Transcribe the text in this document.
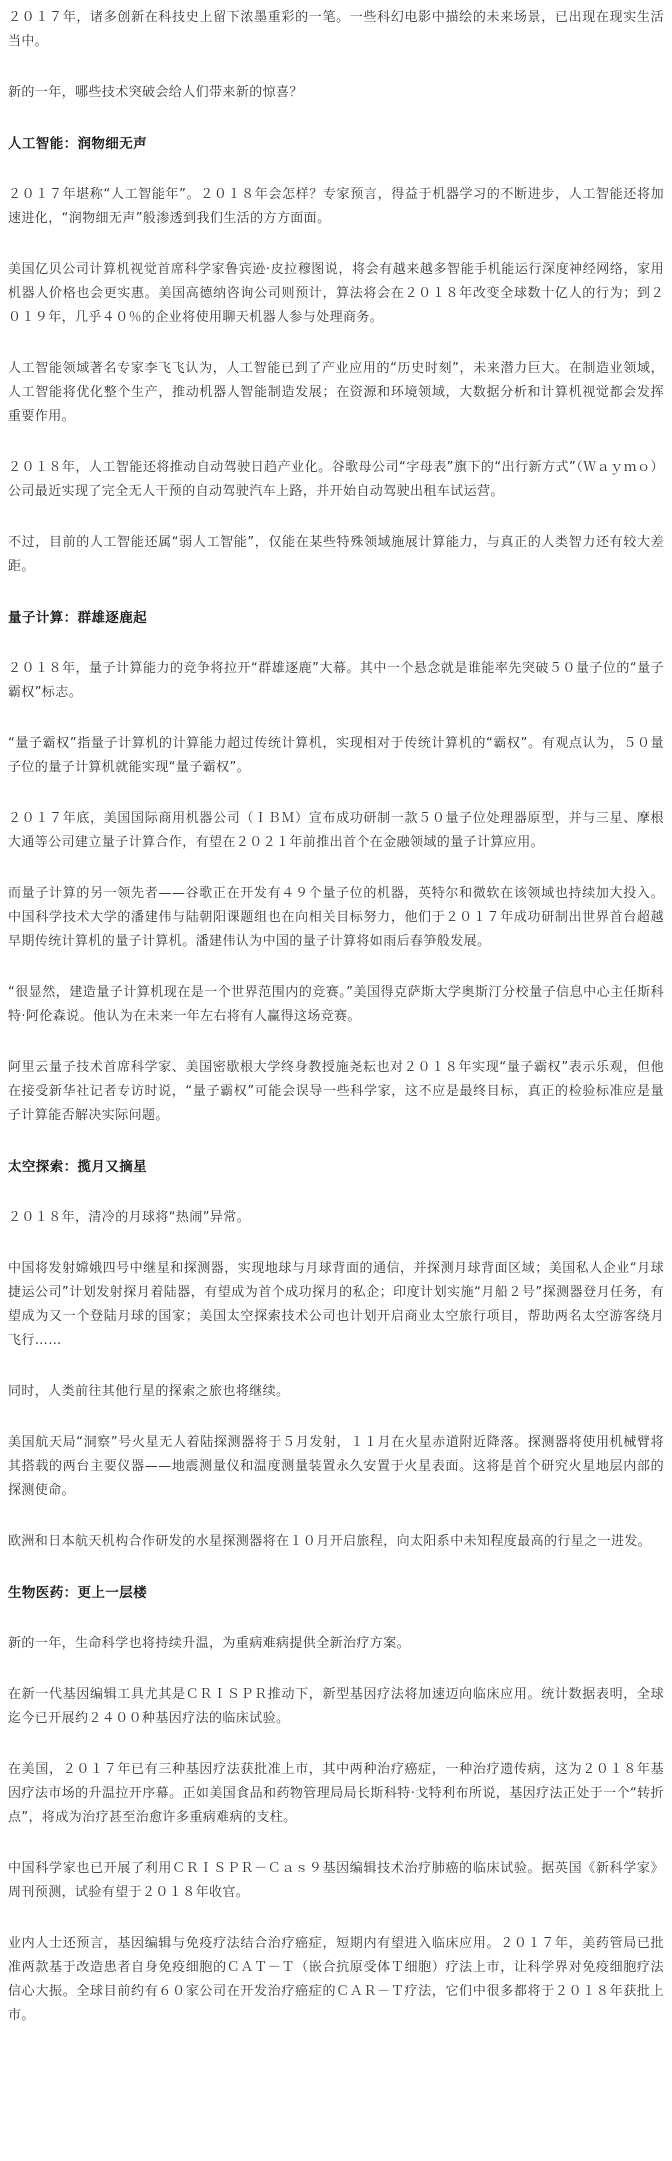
２０１７年，诸多创新在科技史上留下浓墨重彩的一笔。一些科幻电影中描绘的未来场景，已出现在现实生活当中。

新的一年，哪些技术突破会给人们带来新的惊喜？

人工智能：润物细无声

２０１７年堪称“人工智能年”。２０１８年会怎样？专家预言，得益于机器学习的不断进步，人工智能还将加速进化，“润物细无声”般渗透到我们生活的方方面面。

美国亿贝公司计算机视觉首席科学家鲁宾逊·皮拉穆图说，将会有越来越多智能手机能运行深度神经网络，家用机器人价格也会更实惠。美国高德纳咨询公司则预计，算法将会在２０１８年改变全球数十亿人的行为；到２０１９年，几乎４０％的企业将使用聊天机器人参与处理商务。

人工智能领域著名专家李飞飞认为，人工智能已到了产业应用的“历史时刻”，未来潜力巨大。在制造业领域，人工智能将优化整个生产，推动机器人智能制造发展；在资源和环境领域，大数据分析和计算机视觉都会发挥重要作用。

２０１８年，人工智能还将推动自动驾驶日趋产业化。谷歌母公司“字母表”旗下的“出行新方式”（Ｗａｙｍｏ）公司最近实现了完全无人干预的自动驾驶汽车上路，并开始自动驾驶出租车试运营。

不过，目前的人工智能还属“弱人工智能”，仅能在某些特殊领域施展计算能力，与真正的人类智力还有较大差距。

量子计算：群雄逐鹿起

２０１８年，量子计算能力的竞争将拉开“群雄逐鹿”大幕。其中一个悬念就是谁能率先突破５０量子位的“量子霸权”标志。

“量子霸权”指量子计算机的计算能力超过传统计算机，实现相对于传统计算机的“霸权”。有观点认为，５０量子位的量子计算机就能实现“量子霸权”。

２０１７年底，美国国际商用机器公司（ＩＢＭ）宣布成功研制一款５０量子位处理器原型，并与三星、摩根大通等公司建立量子计算合作，有望在２０２１年前推出首个在金融领域的量子计算应用。

而量子计算的另一领先者——谷歌正在开发有４９个量子位的机器，英特尔和微软在该领域也持续加大投入。中国科学技术大学的潘建伟与陆朝阳课题组也在向相关目标努力，他们于２０１７年成功研制出世界首台超越早期传统计算机的量子计算机。潘建伟认为中国的量子计算将如雨后春笋般发展。

“很显然，建造量子计算机现在是一个世界范围内的竞赛。”美国得克萨斯大学奥斯汀分校量子信息中心主任斯科特·阿伦森说。他认为在未来一年左右将有人赢得这场竞赛。

阿里云量子技术首席科学家、美国密歇根大学终身教授施尧耘也对２０１８年实现“量子霸权”表示乐观，但他在接受新华社记者专访时说，“量子霸权”可能会误导一些科学家，这不应是最终目标，真正的检验标准应是量子计算能否解决实际问题。

太空探索：揽月又摘星

２０１８年，清冷的月球将“热闹”异常。

中国将发射嫦娥四号中继星和探测器，实现地球与月球背面的通信，并探测月球背面区域；美国私人企业“月球捷运公司”计划发射探月着陆器，有望成为首个成功探月的私企；印度计划实施“月船２号”探测器登月任务，有望成为又一个登陆月球的国家；美国太空探索技术公司也计划开启商业太空旅行项目，帮助两名太空游客绕月飞行……

同时，人类前往其他行星的探索之旅也将继续。

美国航天局“洞察”号火星无人着陆探测器将于５月发射，１１月在火星赤道附近降落。探测器将使用机械臂将其搭载的两台主要仪器——地震测量仪和温度测量装置永久安置于火星表面。这将是首个研究火星地层内部的探测使命。

欧洲和日本航天机构合作研发的水星探测器将在１０月开启旅程，向太阳系中未知程度最高的行星之一进发。

生物医药：更上一层楼

新的一年，生命科学也将持续升温，为重病难病提供全新治疗方案。

在新一代基因编辑工具尤其是ＣＲＩＳＰＲ推动下，新型基因疗法将加速迈向临床应用。统计数据表明，全球迄今已开展约２４００种基因疗法的临床试验。

在美国，２０１７年已有三种基因疗法获批准上市，其中两种治疗癌症，一种治疗遗传病，这为２０１８年基因疗法市场的升温拉开序幕。正如美国食品和药物管理局局长斯科特·戈特利布所说，基因疗法正处于一个“转折点”，将成为治疗甚至治愈许多重病难病的支柱。

中国科学家也已开展了利用ＣＲＩＳＰＲ－Ｃａｓ９基因编辑技术治疗肺癌的临床试验。据英国《新科学家》周刊预测，试验有望于２０１８年收官。

业内人士还预言，基因编辑与免疫疗法结合治疗癌症，短期内有望进入临床应用。２０１７年，美药管局已批准两款基于改造患者自身免疫细胞的ＣＡＴ－Ｔ（嵌合抗原受体Ｔ细胞）疗法上市，让科学界对免疫细胞疗法信心大振。全球目前约有６０家公司在开发治疗癌症的ＣＡＲ－Ｔ疗法，它们中很多都将于２０１８年获批上市。
